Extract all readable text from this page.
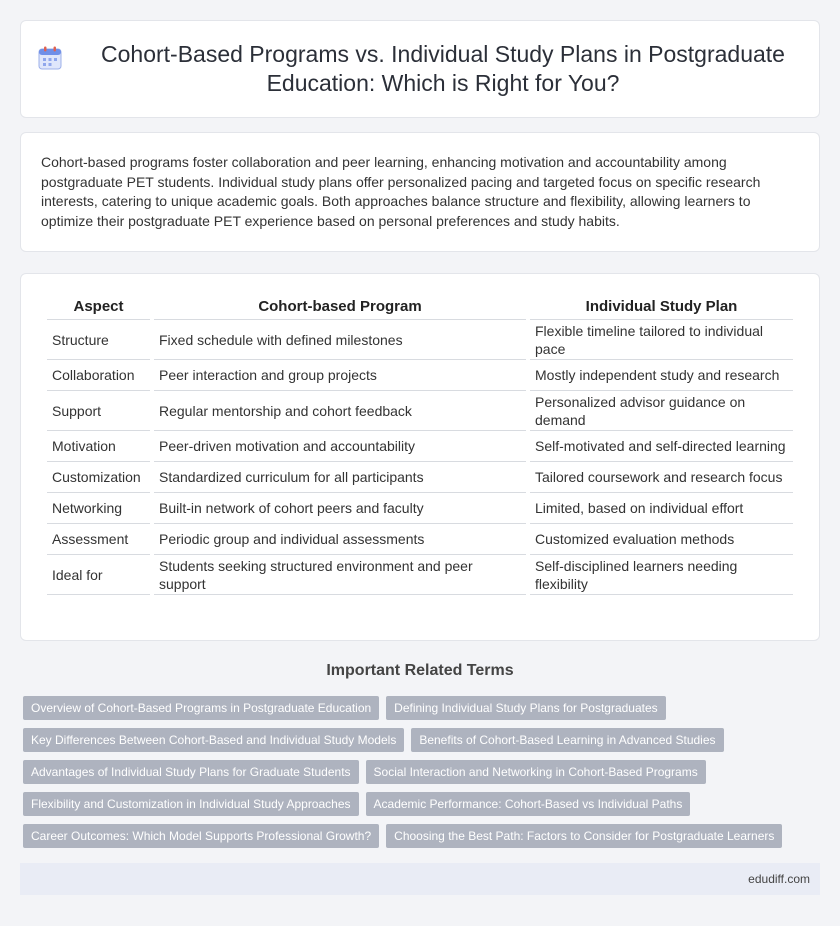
Cohort-Based Programs vs. Individual Study Plans in Postgraduate Education: Which is Right for You?

Cohort-based programs foster collaboration and peer learning, enhancing motivation and accountability among postgraduate PET students. Individual study plans offer personalized pacing and targeted focus on specific research interests, catering to unique academic goals. Both approaches balance structure and flexibility, allowing learners to optimize their postgraduate PET experience based on personal preferences and study habits.

Aspect	Cohort-based Program	Individual Study Plan
Structure	Fixed schedule with defined milestones	Flexible timeline tailored to individual pace
Collaboration	Peer interaction and group projects	Mostly independent study and research
Support	Regular mentorship and cohort feedback	Personalized advisor guidance on demand
Motivation	Peer-driven motivation and accountability	Self-motivated and self-directed learning
Customization	Standardized curriculum for all participants	Tailored coursework and research focus
Networking	Built-in network of cohort peers and faculty	Limited, based on individual effort
Assessment	Periodic group and individual assessments	Customized evaluation methods
Ideal for	Students seeking structured environment and peer support	Self-disciplined learners needing flexibility
Important Related Terms
Overview of Cohort-Based Programs in Postgraduate Education	Defining Individual Study Plans for Postgraduates
Key Differences Between Cohort-Based and Individual Study Models	Benefits of Cohort-Based Learning in Advanced Studies
Advantages of Individual Study Plans for Graduate Students	Social Interaction and Networking in Cohort-Based Programs
Flexibility and Customization in Individual Study Approaches	Academic Performance: Cohort-Based vs Individual Paths
Career Outcomes: Which Model Supports Professional Growth?	Choosing the Best Path: Factors to Consider for Postgraduate Learners
edudiff.com
